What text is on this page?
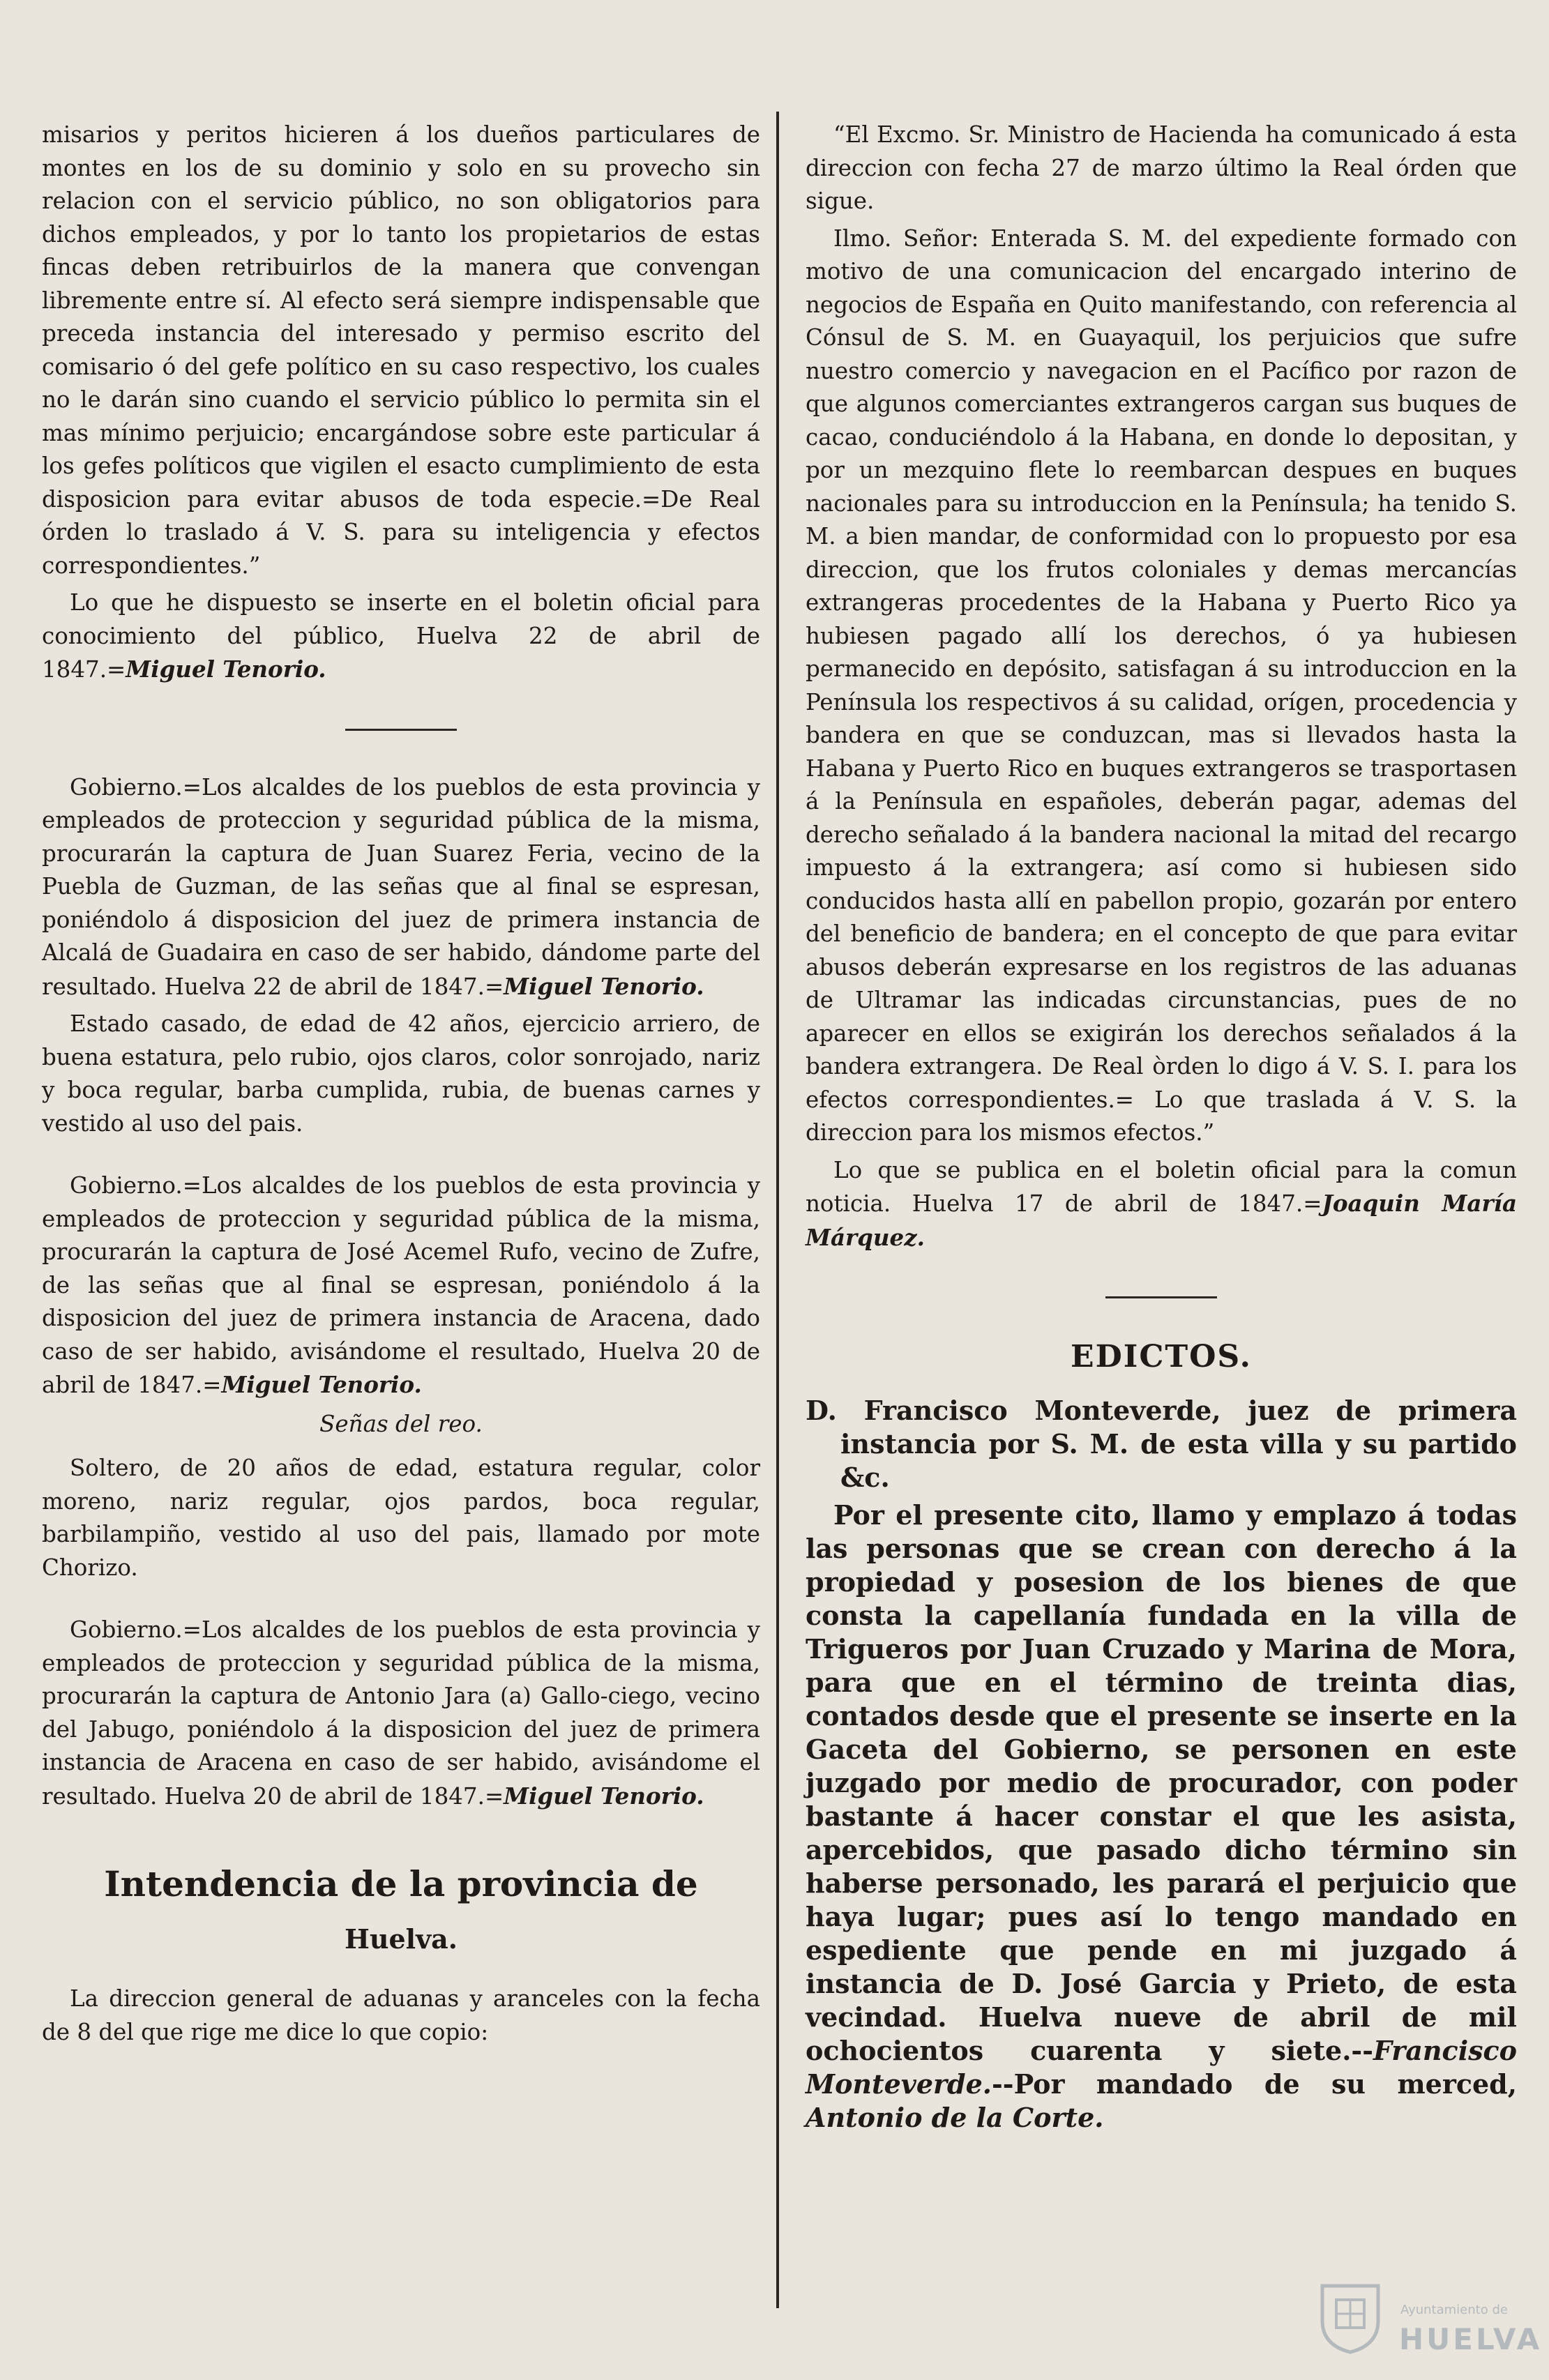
misarios y peritos hicieren á los dueños particulares de montes en los de su dominio y solo en su provecho sin relacion con el servicio público, no son obligatorios para dichos empleados, y por lo tanto los propietarios de estas fincas deben retribuirlos de la manera que convengan libremente entre sí. Al efecto será siempre indispensable que preceda instancia del interesado y permiso escrito del comisario ó del gefe político en su caso respectivo, los cuales no le darán sino cuando el servicio público lo permita sin el mas mínimo perjuicio; encargándose sobre este particular á los gefes políticos que vigilen el esacto cumplimiento de esta disposicion para evitar abusos de toda especie.=De Real órden lo traslado á V. S. para su inteligencia y efectos correspondientes.”

Lo que he dispuesto se inserte en el boletin oficial para conocimiento del público, Huelva 22 de abril de 1847.=Miguel Tenorio.

Gobierno.=Los alcaldes de los pueblos de esta provincia y empleados de proteccion y seguridad pública de la misma, procurarán la captura de Juan Suarez Feria, vecino de la Puebla de Guzman, de las señas que al final se espresan, poniéndolo á disposicion del juez de primera instancia de Alcalá de Guadaira en caso de ser habido, dándome parte del resultado. Huelva 22 de abril de 1847.=Miguel Tenorio.

Estado casado, de edad de 42 años, ejercicio arriero, de buena estatura, pelo rubio, ojos claros, color sonrojado, nariz y boca regular, barba cumplida, rubia, de buenas carnes y vestido al uso del pais.

Gobierno.=Los alcaldes de los pueblos de esta provincia y empleados de proteccion y seguridad pública de la misma, procurarán la captura de José Acemel Rufo, vecino de Zufre, de las señas que al final se espresan, poniéndolo á la disposicion del juez de primera instancia de Aracena, dado caso de ser habido, avisándome el resultado, Huelva 20 de abril de 1847.=Miguel Tenorio.

Señas del reo.

Soltero, de 20 años de edad, estatura regular, color moreno, nariz regular, ojos pardos, boca regular, barbilampiño, vestido al uso del pais, llamado por mote Chorizo.

Gobierno.=Los alcaldes de los pueblos de esta provincia y empleados de proteccion y seguridad pública de la misma, procurarán la captura de Antonio Jara (a) Gallo-ciego, vecino del Jabugo, poniéndolo á la disposicion del juez de primera instancia de Aracena en caso de ser habido, avisándome el resultado. Huelva 20 de abril de 1847.=Miguel Tenorio.

Intendencia de la provincia de
Huelva.

La direccion general de aduanas y aranceles con la fecha de 8 del que rige me dice lo que copio:

“El Excmo. Sr. Ministro de Hacienda ha comunicado á esta direccion con fecha 27 de marzo último la Real órden que sigue.

Ilmo. Señor: Enterada S. M. del expediente formado con motivo de una comunicacion del encargado interino de negocios de España en Quito manifestando, con referencia al Cónsul de S. M. en Guayaquil, los perjuicios que sufre nuestro comercio y navegacion en el Pacífico por razon de que algunos comerciantes extrangeros cargan sus buques de cacao, conduciéndolo á la Habana, en donde lo depositan, y por un mezquino flete lo reembarcan despues en buques nacionales para su introduccion en la Península; ha tenido S. M. a bien mandar, de conformidad con lo propuesto por esa direccion, que los frutos coloniales y demas mercancías extrangeras procedentes de la Habana y Puerto Rico ya hubiesen pagado allí los derechos, ó ya hubiesen permanecido en depósito, satisfagan á su introduccion en la Península los respectivos á su calidad, orígen, procedencia y bandera en que se conduzcan, mas si llevados hasta la Habana y Puerto Rico en buques extrangeros se trasportasen á la Península en españoles, deberán pagar, ademas del derecho señalado á la bandera nacional la mitad del recargo impuesto á la extrangera; así como si hubiesen sido conducidos hasta allí en pabellon propio, gozarán por entero del beneficio de bandera; en el concepto de que para evitar abusos deberán expresarse en los registros de las aduanas de Ultramar las indicadas circunstancias, pues de no aparecer en ellos se exigirán los derechos señalados á la bandera extrangera. De Real òrden lo digo á V. S. I. para los efectos correspondientes.= Lo que traslada á V. S. la direccion para los mismos efectos.”

Lo que se publica en el boletin oficial para la comun noticia. Huelva 17 de abril de 1847.=Joaquin María Márquez.

EDICTOS.

D. Francisco Monteverde, juez de primera instancia por S. M. de esta villa y su partido &c.

Por el presente cito, llamo y emplazo á todas las personas que se crean con derecho á la propiedad y posesion de los bienes de que consta la capellanía fundada en la villa de Trigueros por Juan Cruzado y Marina de Mora, para que en el término de treinta dias, contados desde que el presente se inserte en la Gaceta del Gobierno, se personen en este juzgado por medio de procurador, con poder bastante á hacer constar el que les asista, apercebidos, que pasado dicho término sin haberse personado, les parará el perjuicio que haya lugar; pues así lo tengo mandado en espediente que pende en mi juzgado á instancia de D. José Garcia y Prieto, de esta vecindad. Huelva nueve de abril de mil ochocientos cuarenta y siete.--Francisco Monteverde.--Por mandado de su merced, Antonio de la Corte.

Ayuntamiento de
HUELVA
